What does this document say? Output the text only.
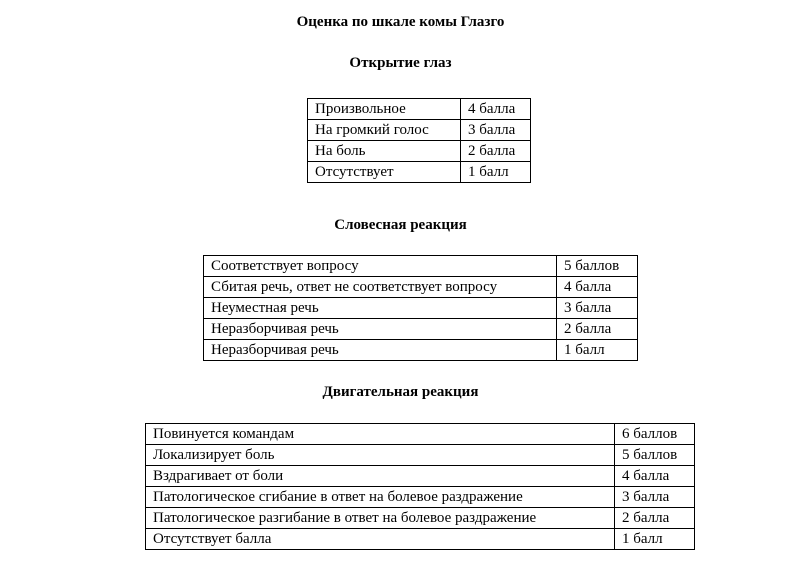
Оценка по шкале комы Глазго
Открытие глаз
Произвольное	4 балла
На громкий голос	3 балла
На боль	2 балла
Отсутствует	1 балл
Словесная реакция
Соответствует вопросу	5 баллов
Сбитая речь, ответ не соответствует вопросу	4 балла
Неуместная речь	3 балла
Неразборчивая речь	2 балла
Неразборчивая речь	1 балл
Двигательная реакция
Повинуется командам	6 баллов
Локализирует боль	5 баллов
Вздрагивает от боли	4 балла
Патологическое сгибание в ответ на болевое раздражение	3 балла
Патологическое разгибание в ответ на болевое раздражение	2 балла
Отсутствует балла	1 балл
